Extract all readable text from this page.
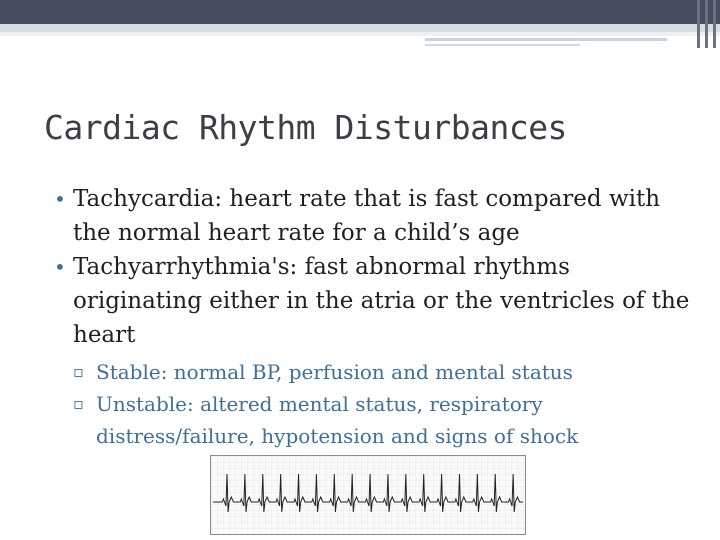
Cardiac Rhythm Disturbances
• Tachycardia: heart rate that is fast compared with the normal heart rate for a child’s age
• Tachyarrhythmia's: fast abnormal rhythms originating either in the atria or the ventricles of the heart
▫ Stable: normal BP, perfusion and mental status
▫ Unstable: altered mental status, respiratory distress/failure, hypotension and signs of shock
